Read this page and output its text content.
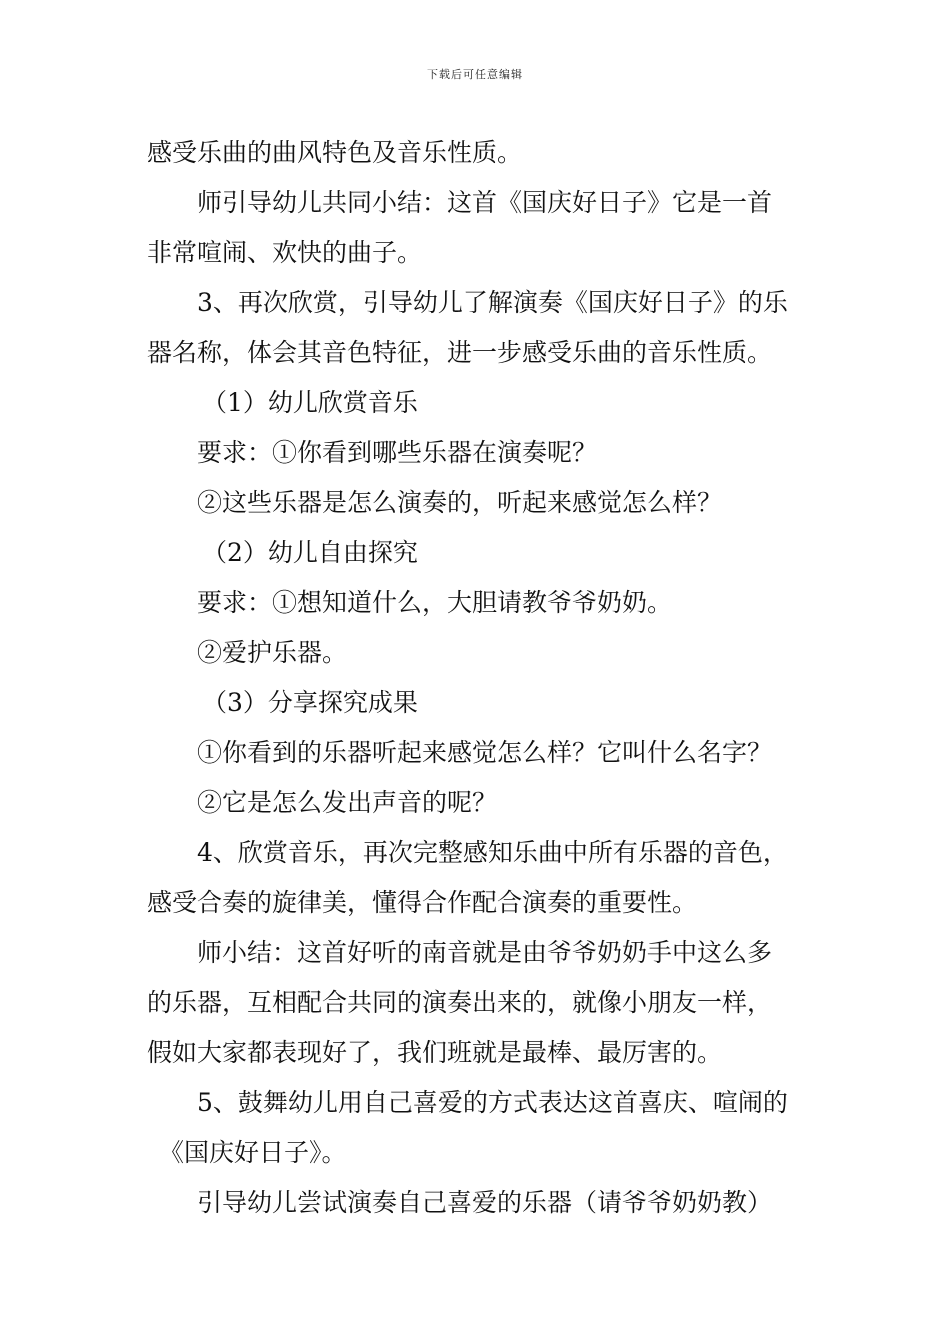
下载后可任意编辑
感受乐曲的曲风特色及音乐性质。
师引导幼儿共同小结：这首《国庆好日子》它是一首
非常喧闹、欢快的曲子。
3、再次欣赏，引导幼儿了解演奏《国庆好日子》的乐
器名称，体会其音色特征，进一步感受乐曲的音乐性质。
（1）幼儿欣赏音乐
要求：①你看到哪些乐器在演奏呢？
②这些乐器是怎么演奏的，听起来感觉怎么样？
（2）幼儿自由探究
要求：①想知道什么，大胆请教爷爷奶奶。
②爱护乐器。
（3）分享探究成果
①你看到的乐器听起来感觉怎么样？它叫什么名字？
②它是怎么发出声音的呢？
4、欣赏音乐，再次完整感知乐曲中所有乐器的音色，
感受合奏的旋律美，懂得合作配合演奏的重要性。
师小结：这首好听的南音就是由爷爷奶奶手中这么多
的乐器，互相配合共同的演奏出来的，就像小朋友一样，
假如大家都表现好了，我们班就是最棒、最厉害的。
5、鼓舞幼儿用自己喜爱的方式表达这首喜庆、喧闹的
《国庆好日子》。
引导幼儿尝试演奏自己喜爱的乐器（请爷爷奶奶教）
